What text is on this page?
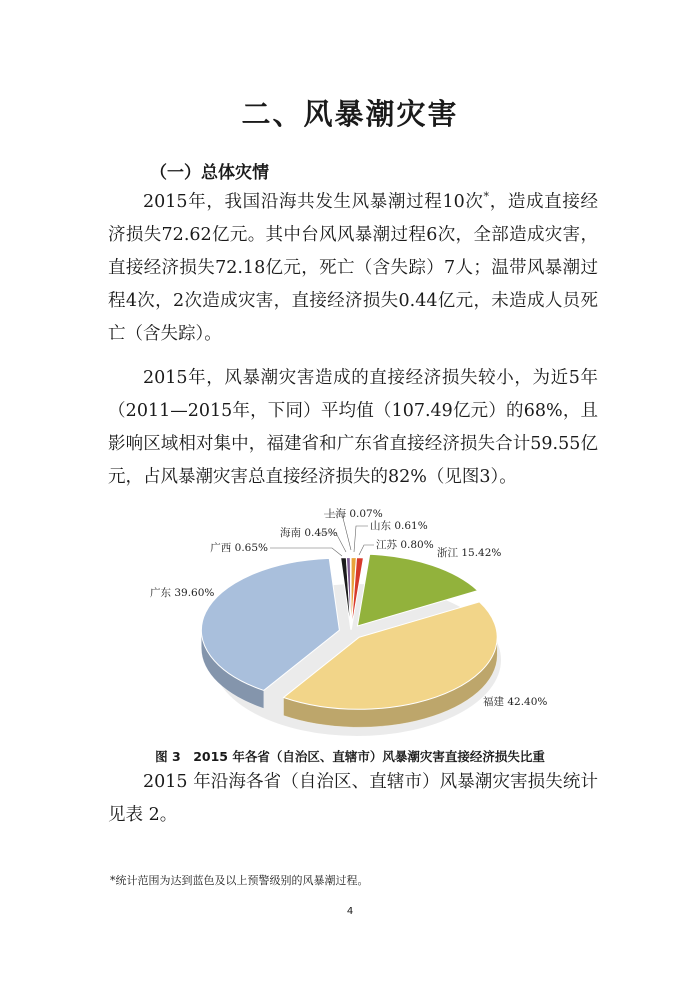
二、风暴潮灾害
（一）总体灾情

2015年，我国沿海共发生风暴潮过程10次*，造成直接经济损失72.62亿元。其中台风风暴潮过程6次，全部造成灾害，直接经济损失72.18亿元，死亡（含失踪）7人；温带风暴潮过程4次，2次造成灾害，直接经济损失0.44亿元，未造成人员死亡（含失踪）。

2015年，风暴潮灾害造成的直接经济损失较小，为近5年（2011—2015年，下同）平均值（107.49亿元）的68%，且影响区域相对集中，福建省和广东省直接经济损失合计59.55亿元，占风暴潮灾害总直接经济损失的82%（见图3）。

山东 0.61%
江苏 0.80%
浙江 15.42%
福建 42.40%
广东 39.60%
广西 0.65%
海南 0.45%
上海 0.07%
图 3　2015 年各省（自治区、直辖市）风暴潮灾害直接经济损失比重

2015 年沿海各省（自治区、直辖市）风暴潮灾害损失统计见表 2。

*统计范围为达到蓝色及以上预警级别的风暴潮过程。
4
